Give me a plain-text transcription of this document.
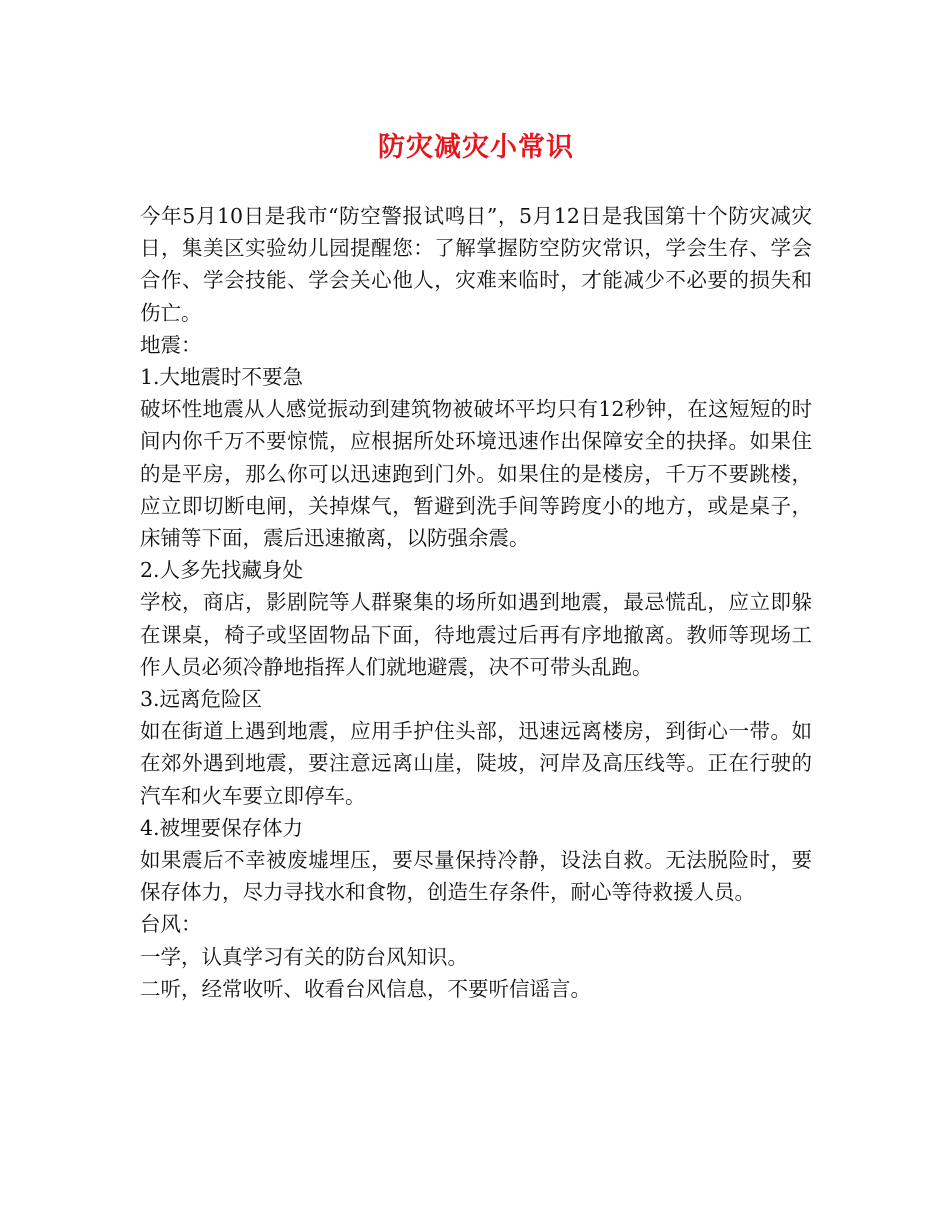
防灾减灾小常识

今年5月10日是我市“防空警报试鸣日”，5月12日是我国第十个防灾减灾日，集美区实验幼儿园提醒您：了解掌握防空防灾常识，学会生存、学会合作、学会技能、学会关心他人，灾难来临时，才能减少不必要的损失和伤亡。

地震：

1.大地震时不要急

破坏性地震从人感觉振动到建筑物被破坏平均只有12秒钟，在这短短的时间内你千万不要惊慌，应根据所处环境迅速作出保障安全的抉择。如果住的是平房，那么你可以迅速跑到门外。如果住的是楼房，千万不要跳楼，应立即切断电闸，关掉煤气，暂避到洗手间等跨度小的地方，或是桌子，床铺等下面，震后迅速撤离，以防强余震。

2.人多先找藏身处

学校，商店，影剧院等人群聚集的场所如遇到地震，最忌慌乱，应立即躲在课桌，椅子或坚固物品下面，待地震过后再有序地撤离。教师等现场工作人员必须冷静地指挥人们就地避震，决不可带头乱跑。

3.远离危险区

如在街道上遇到地震，应用手护住头部，迅速远离楼房，到街心一带。如在郊外遇到地震，要注意远离山崖，陡坡，河岸及高压线等。正在行驶的汽车和火车要立即停车。

4.被埋要保存体力

如果震后不幸被废墟埋压，要尽量保持冷静，设法自救。无法脱险时，要保存体力，尽力寻找水和食物，创造生存条件，耐心等待救援人员。

台风：

一学，认真学习有关的防台风知识。

二听，经常收听、收看台风信息，不要听信谣言。
